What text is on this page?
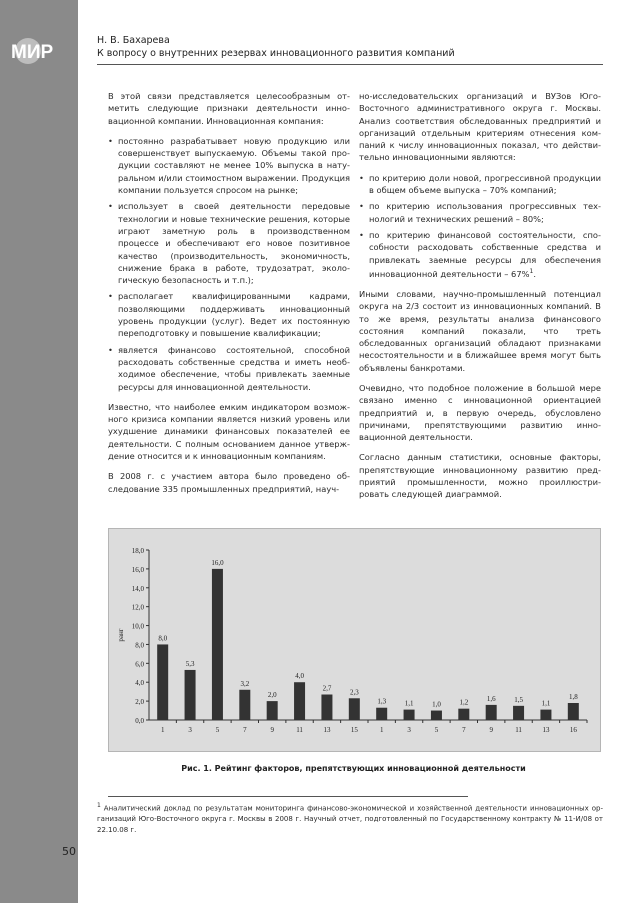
МИР
50
Н. В. Бахарева
К вопросу о внутренних резервах инновационного развития компаний

В этой связи представляется целесообразным отметить следующие признаки деятельности инновационной компании. Инновационная компания:

• постоянно разрабатывает новую продукцию или совершенствует выпускаемую. Объемы такой продукции составляют не менее 10% выпуска в натуральном и/или стоимостном выражении. Продукция компании пользуется спросом на рынке;
• использует в своей деятельности передовые технологии и новые технические решения, которые играют заметную роль в производственном процессе и обеспечивают его новое позитивное качество (производительность, экономичность, снижение брака в работе, трудозатрат, экологическую безопасность и т.п.);
• располагает квалифицированными кадрами, позволяющими поддерживать инновационный уровень продукции (услуг). Ведет их постоянную переподготовку и повышение квалификации;
• является финансово состоятельной, способной расходовать собственные средства и иметь необходимое обеспечение, чтобы привлекать заемные ресурсы для инновационной деятельности.

Известно, что наиболее емким индикатором возможного кризиса компании является низкий уровень или ухудшение динамики финансовых показателей ее деятельности. С полным основанием данное утверждение относится и к инновационным компаниям.

В 2008 г. с участием автора было проведено обследование 335 промышленных предприятий, науч-

но-исследовательских организаций и ВУЗов Юго-Восточного административного округа г. Москвы. Анализ соответствия обследованных предприятий и организаций отдельным критериям отнесения компаний к числу инновационных показал, что действительно инновационными являются:

• по критерию доли новой, прогрессивной продукции в общем объеме выпуска – 70% компаний;
• по критерию использования прогрессивных технологий и технических решений – 80%;
• по критерию финансовой состоятельности, способности расходовать собственные средства и привлекать заемные ресурсы для обеспечения инновационной деятельности – 67%$^1$.

Иными словами, научно-промышленный потенциал округа на 2/3 состоит из инновационных компаний. В то же время, результаты анализа финансового состояния компаний показали, что треть обследованных организаций обладают признаками несостоятельности и в ближайшее время могут быть объявлены банкротами.

Очевидно, что подобное положение в большой мере связано именно с инновационной ориентацией предприятий и, в первую очередь, обусловлено причинами, препятствующими развитию инновационной деятельности.

Согласно данным статистики, основные факторы, препятствующие инновационному развитию предприятий промышленности, можно проиллюстрировать следующей диаграммой.

0,0
2,0
4,0
6,0
8,0
10,0
12,0
14,0
16,0
18,0
ранг	8,0
1
5,3
3
16,0
5
3,2
7
2,0
9
4,0
11
2,7
13
2,3
15
1,3
1
1,1
3
1,0
5
1,2
7
1,6
9
1,5
11
1,1
13
1,8
16
Рис. 1. Рейтинг факторов, препятствующих инновационной деятельности
$^1$ Аналитический доклад по результатам мониторинга финансово-экономической и хозяйственной деятельности инновационных организаций Юго-Восточного округа г. Москвы в 2008 г. Научный отчет, подготовленный по Государственному контракту № 11-И/08 от 22.10.08 г.
